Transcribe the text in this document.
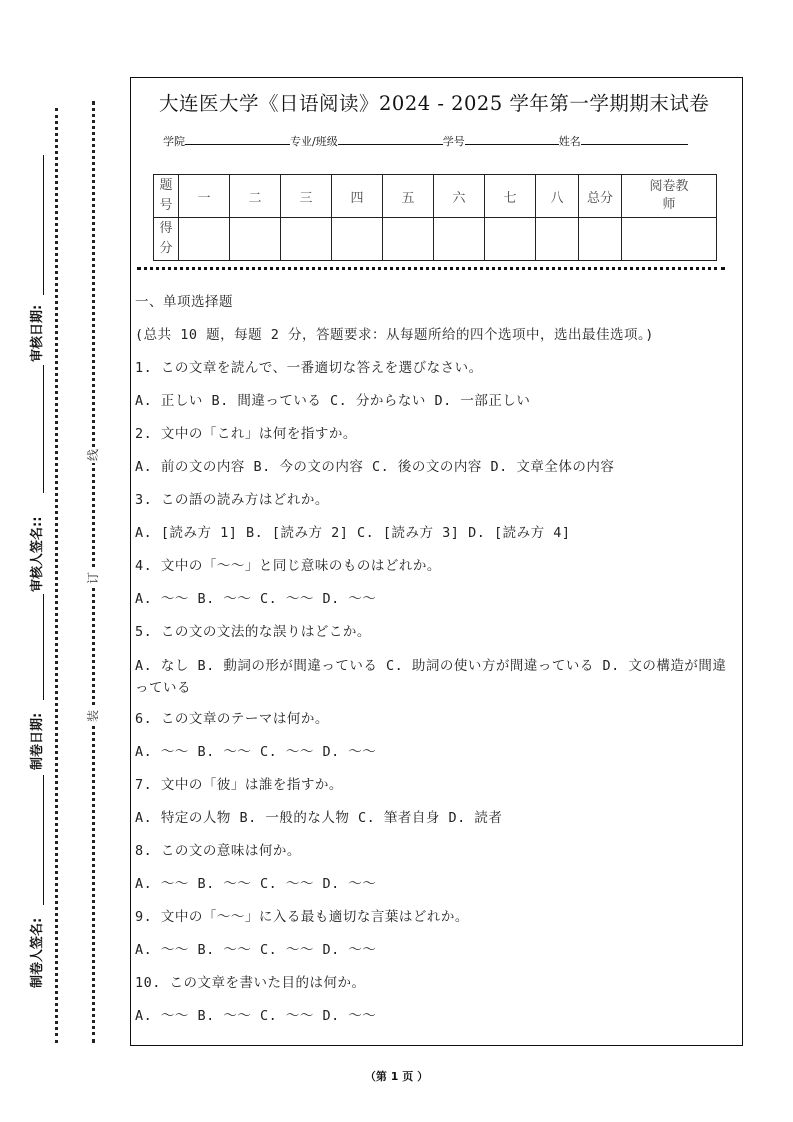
审核日期:
审核人签名::
制卷日期:
制卷人签名:
线
订
装
大连医大学《日语阅读》2024 - 2025 学年第一学期期末试卷
学院	专业/班级	学号	姓名
题号	一	二	三	四	五	六	七	八	总分	阅卷教师
得分										
一、单项选择题
(总共 10 题，每题 2 分，答题要求：从每题所给的四个选项中，选出最佳选项。)
1. この文章を読んで、一番適切な答えを選びなさい。
A. 正しい B. 間違っている C. 分からない D. 一部正しい
2. 文中の「これ」は何を指すか。
A. 前の文の内容 B. 今の文の内容 C. 後の文の内容 D. 文章全体の内容
3. この語の読み方はどれか。
A. [読み方 1] B. [読み方 2] C. [読み方 3] D. [読み方 4]
4. 文中の「～～」と同じ意味のものはどれか。
A. ～～ B. ～～ C. ～～ D. ～～
5. この文の文法的な誤りはどこか。
A. なし B. 動詞の形が間違っている C. 助詞の使い方が間違っている D. 文の構造が間違っている
6. この文章のテーマは何か。
A. ～～ B. ～～ C. ～～ D. ～～
7. 文中の「彼」は誰を指すか。
A. 特定の人物 B. 一般的な人物 C. 筆者自身 D. 読者
8. この文の意味は何か。
A. ～～ B. ～～ C. ～～ D. ～～
9. 文中の「～～」に入る最も適切な言葉はどれか。
A. ～～ B. ～～ C. ～～ D. ～～
10. この文章を書いた目的は何か。
A. ～～ B. ～～ C. ～～ D. ～～
（第 1 页 ）
